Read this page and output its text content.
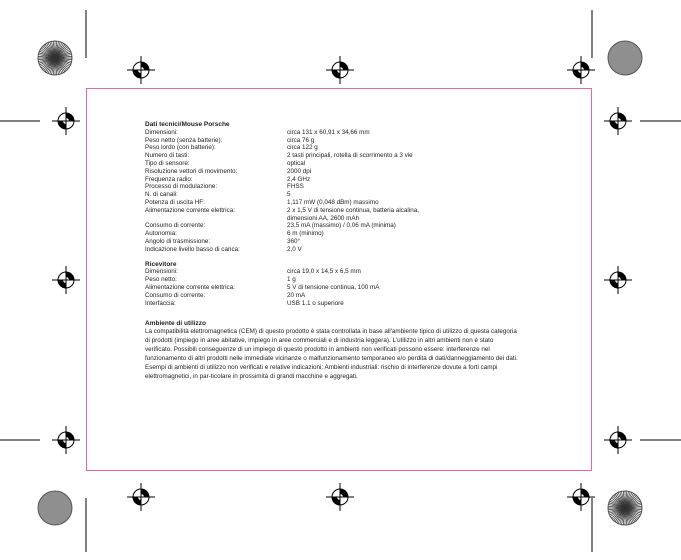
Dati tecnici/Mouse Porsche
Dimensioni:	circa 131 x 60,91 x 34,66 mm
Peso netto (senza batterie):	circa 76 g
Peso lordo (con batterie):	circa 122 g
Numero di tasti:	2 tasti principali, rotella di scorrimento a 3 vie
Tipo di sensore:	optical
Risoluzione vettori di movimento:	2000 dpi
Frequenza radio:	2,4 GHz
Processo di modulazione:	FHSS
N. di canali:	5
Potenza di uscita HF:	1,117 mW (0,048 dBm) massimo
Alimentazione corrente elettrica:	2 x 1,5 V di tensione continua, batteria alcalina,
dimensioni AA, 2600 mAh
Consumo di corrente:	23,5 mA (massimo) / 0,06 mA (minima)
Autonomia:	6 m (minimo)
Angolo di trasmissione:	360°
Indicazione livello basso di carica:	2,0 V
Ricevitore
Dimensioni:	circa 19,0 x 14,5 x 6,5 mm
Peso netto:	1 g
Alimentazione corrente elettrica:	5 V di tensione continua, 100 mA
Consumo di corrente:	20 mA
Interfaccia:	USB 1.1 o superiore
Ambiente di utilizzo
La compatibilità elettromagnetica (CEM) di questo prodotto è stata controllata in base all'ambiente tipico di utilizzo di questa categoria
di prodotti (impiego in aree abitative, impiego in aree commerciali e di industria leggera). L'utilizzo in altri ambienti non è stato
verificato. Possibili conseguenze di un impiego di questo prodotto in ambienti non verificati possono essere: interferenze nel
funzionamento di altri prodotti nelle immediate vicinanze o malfunzionamento temporaneo e/o perdita di dati/danneggiamento dei dati.
Esempi di ambienti di utilizzo non verificati e relative indicazioni: Ambienti industriali: rischio di interferenze dovute a forti campi
elettromagnetici, in par-ticolare in prossimità di grandi macchine e aggregati.
